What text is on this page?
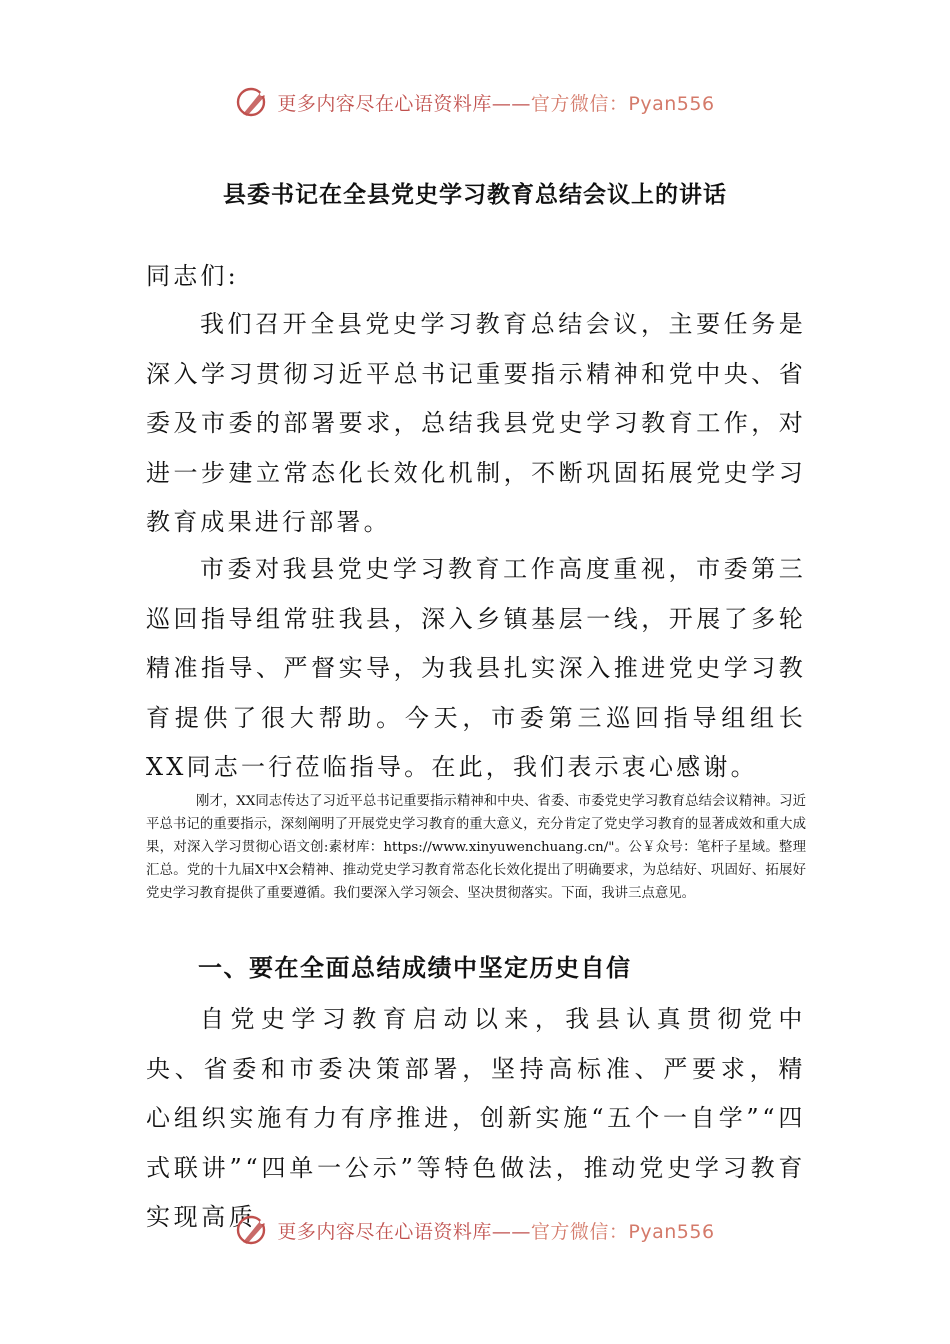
更多内容尽在心语资料库——官方微信：Pyan556
县委书记在全县党史学习教育总结会议上的讲话
同志们:
我们召开全县党史学习教育总结会议，主要任务是深入学习贯彻习近平总书记重要指示精神和党中央、省委及市委的部署要求，总结我县党史学习教育工作，对进一步建立常态化长效化机制，不断巩固拓展党史学习教育成果进行部署。
市委对我县党史学习教育工作高度重视，市委第三巡回指导组常驻我县，深入乡镇基层一线，开展了多轮精准指导、严督实导，为我县扎实深入推进党史学习教育提供了很大帮助。今天，市委第三巡回指导组组长XX同志一行莅临指导。在此，我们表示衷心感谢。
刚才，XX同志传达了习近平总书记重要指示精神和中央、省委、市委党史学习教育总结会议精神。习近平总书记的重要指示，深刻阐明了开展党史学习教育的重大意义，充分肯定了党史学习教育的显著成效和重大成果，对深入学习贯彻心语文创:素材库：https://www.xinyuwenchuang.cn/"。公￥众号：笔杆子星域。整理汇总。党的十九届X中X会精神、推动党史学习教育常态化长效化提出了明确要求，为总结好、巩固好、拓展好党史学习教育提供了重要遵循。我们要深入学习领会、坚决贯彻落实。下面，我讲三点意见。
一、要在全面总结成绩中坚定历史自信
自党史学习教育启动以来，我县认真贯彻党中央、省委和市委决策部署，坚持高标准、严要求，精心组织实施有力有序推进，创新实施“五个一自学”“四式联讲”“四单一公示”等特色做法，推动党史学习教育实现高质
更多内容尽在心语资料库——官方微信：Pyan556
